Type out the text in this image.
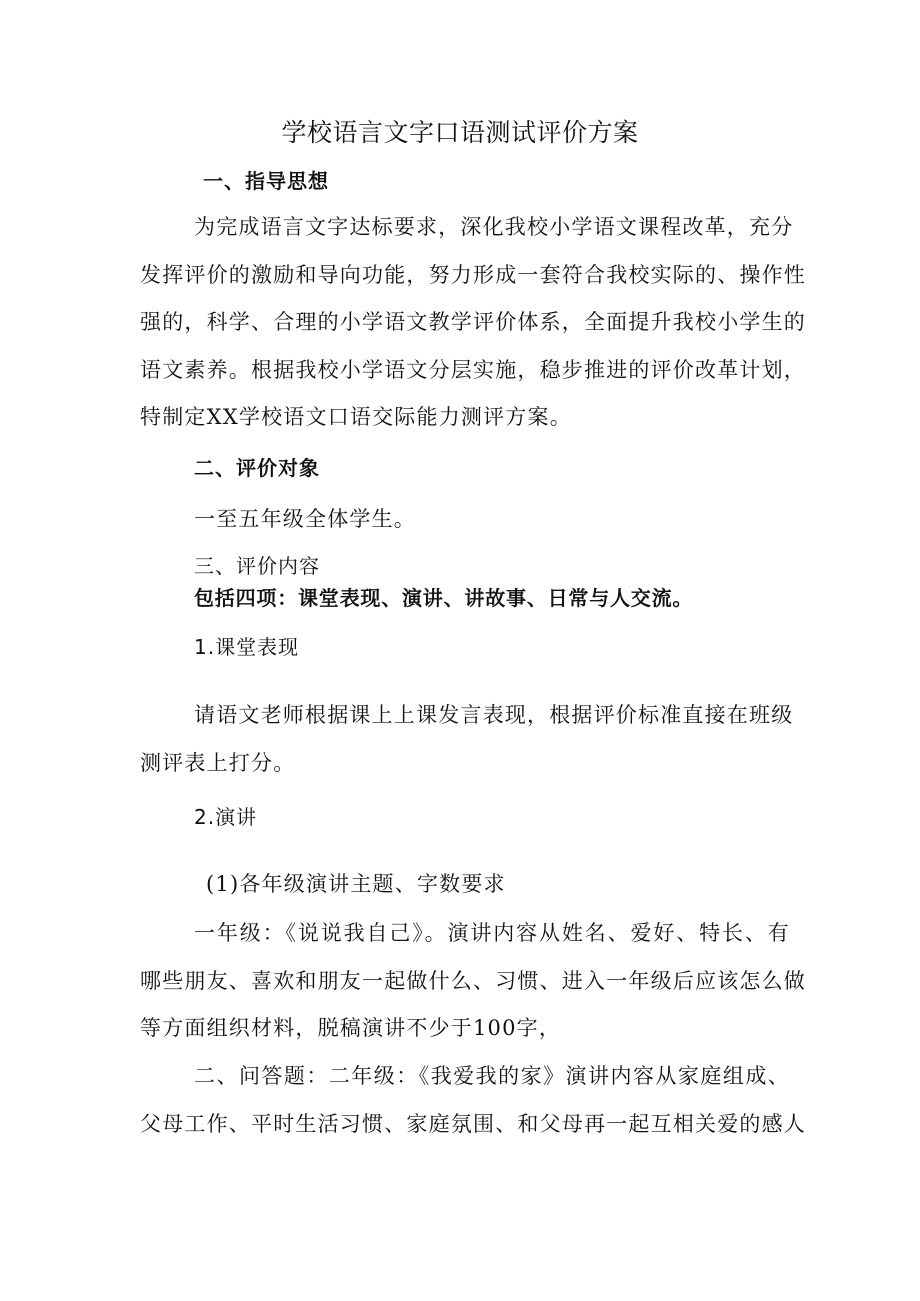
学校语言文字口语测试评价方案
一、指导思想
为完成语言文字达标要求，深化我校小学语文课程改革，充分
发挥评价的激励和导向功能，努力形成一套符合我校实际的、操作性
强的，科学、合理的小学语文教学评价体系，全面提升我校小学生的
语文素养。根据我校小学语文分层实施，稳步推进的评价改革计划，
特制定XX学校语文口语交际能力测评方案。
二、评价对象
一至五年级全体学生。
三、评价内容
包括四项：课堂表现、演讲、讲故事、日常与人交流。
1.课堂表现
请语文老师根据课上上课发言表现，根据评价标准直接在班级
测评表上打分。
2.演讲
(1)各年级演讲主题、字数要求
一年级：《说说我自己》。演讲内容从姓名、爱好、特长、有
哪些朋友、喜欢和朋友一起做什么、习惯、进入一年级后应该怎么做
等方面组织材料，脱稿演讲不少于100字，
二、问答题：二年级：《我爱我的家》演讲内容从家庭组成、
父母工作、平时生活习惯、家庭氛围、和父母再一起互相关爱的感人
